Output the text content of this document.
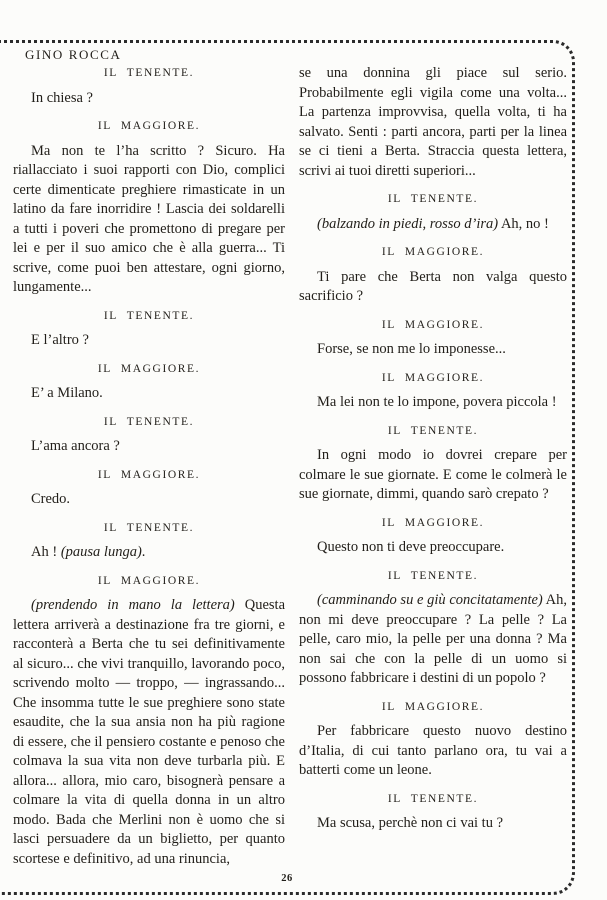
GINO ROCCA
IL TENENTE.
In chiesa ?
IL MAGGIORE.
Ma non te l’ha scritto ? Sicuro. Ha riallacciato i suoi rapporti con Dio, complici certe dimenticate preghiere rimasticate in un latino da fare inorridire ! Lascia dei soldarelli a tutti i poveri che promettono di pregare per lei e per il suo amico che è alla guerra... Ti scrive, come puoi ben attestare, ogni giorno, lungamente...
IL TENENTE.
E l’altro ?
IL MAGGIORE.
E’ a Milano.
IL TENENTE.
L’ama ancora ?
IL MAGGIORE.
Credo.
IL TENENTE.
Ah ! (pausa lunga).
IL MAGGIORE.
(prendendo in mano la lettera) Questa lettera arriverà a destinazione fra tre giorni, e racconterà a Berta che tu sei definitivamente al sicuro... che vivi tranquillo, lavorando poco, scrivendo molto — troppo, — ingrassando... Che insomma tutte le sue preghiere sono state esaudite, che la sua ansia non ha più ragione di essere, che il pensiero costante e penoso che colmava la sua vita non deve turbarla più. E allora... allora, mio caro, bisognerà pensare a colmare la vita di quella donna in un altro modo. Bada che Merlini non è uomo che si lasci persuadere da un biglietto, per quanto scortese e definitivo, ad una rinuncia,
se una donnina gli piace sul serio. Probabilmente egli vigila come una volta... La partenza improvvisa, quella volta, ti ha salvato. Senti : parti ancora, parti per la linea se ci tieni a Berta. Straccia questa lettera, scrivi ai tuoi diretti superiori...
IL TENENTE.
(balzando in piedi, rosso d’ira) Ah, no !
IL MAGGIORE.
Ti pare che Berta non valga questo sacrificio ?
IL MAGGIORE.
Forse, se non me lo imponesse...
IL MAGGIORE.
Ma lei non te lo impone, povera piccola !
IL TENENTE.
In ogni modo io dovrei crepare per colmare le sue giornate. E come le colmerà le sue giornate, dimmi, quando sarò crepato ?
IL MAGGIORE.
Questo non ti deve preoccupare.
IL TENENTE.
(camminando su e giù concitatamente) Ah, non mi deve preoccupare ? La pelle ? La pelle, caro mio, la pelle per una donna ? Ma non sai che con la pelle di un uomo si possono fabbricare i destini di un popolo ?
IL MAGGIORE.
Per fabbricare questo nuovo destino d’Italia, di cui tanto parlano ora, tu vai a batterti come un leone.
IL TENENTE.
Ma scusa, perchè non ci vai tu ?
26
